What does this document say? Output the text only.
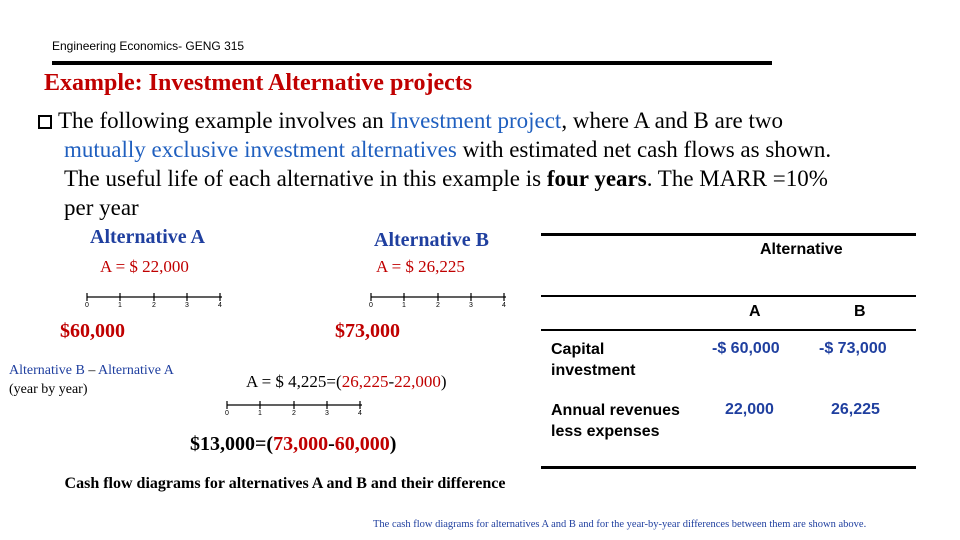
Engineering Economics- GENG 315
Example: Investment Alternative projects
The following example involves an Investment project, where A and B are two
mutually exclusive investment alternatives with estimated net cash flows as shown.
The useful life of each alternative in this example is four years. The MARR =10%
per year
Alternative A
A = $ 22,000
0	1	2	3	4
$60,000
Alternative B
A = $ 26,225
0	1	2	3	4
$73,000
Alternative B – Alternative A
(year by year)	A = $ 4,225=(26,225-22,000)
0	1	2	3	4
$13,000=(73,000-60,000)
Cash flow diagrams for alternatives A and B and their difference
The cash flow diagrams for alternatives A and B and for the year-by-year differences between them are shown above.
Alternative
A	B
Capital investment
-$ 60,000 -$ 73,000
Annual revenues less expenses
22,000	26,225
